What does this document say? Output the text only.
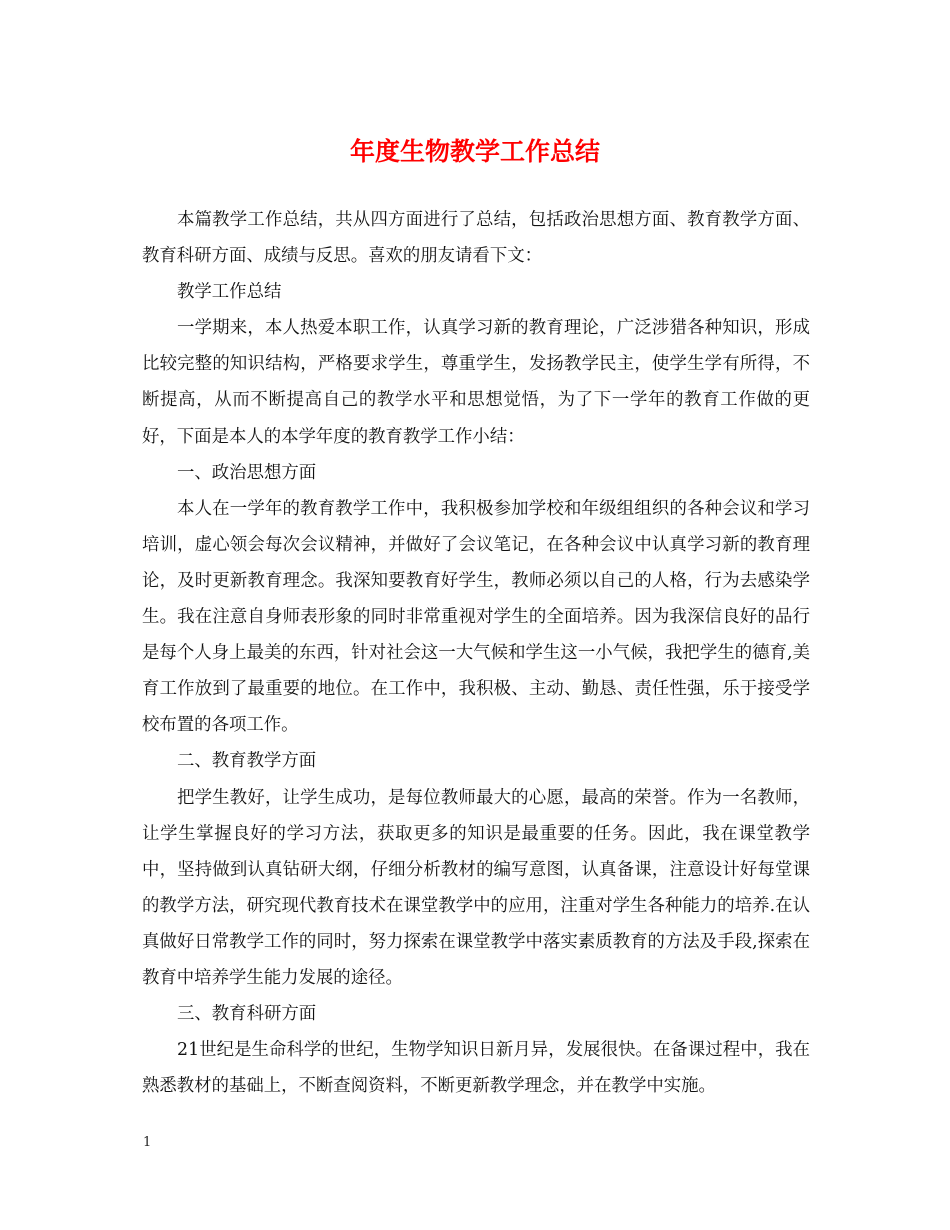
年度生物教学工作总结

本篇教学工作总结，共从四方面进行了总结，包括政治思想方面、教育教学方面、教育科研方面、成绩与反思。喜欢的朋友请看下文：

教学工作总结

一学期来，本人热爱本职工作，认真学习新的教育理论，广泛涉猎各种知识，形成比较完整的知识结构，严格要求学生，尊重学生，发扬教学民主，使学生学有所得，不断提高，从而不断提高自己的教学水平和思想觉悟，为了下一学年的教育工作做的更好，下面是本人的本学年度的教育教学工作小结：

一、政治思想方面

本人在一学年的教育教学工作中，我积极参加学校和年级组组织的各种会议和学习培训，虚心领会每次会议精神，并做好了会议笔记，在各种会议中认真学习新的教育理论，及时更新教育理念。我深知要教育好学生，教师必须以自己的人格，行为去感染学生。我在注意自身师表形象的同时非常重视对学生的全面培养。因为我深信良好的品行是每个人身上最美的东西，针对社会这一大气候和学生这一小气候，我把学生的德育,美育工作放到了最重要的地位。在工作中，我积极、主动、勤恳、责任性强，乐于接受学校布置的各项工作。

二、教育教学方面

把学生教好，让学生成功，是每位教师最大的心愿，最高的荣誉。作为一名教师，让学生掌握良好的学习方法，获取更多的知识是最重要的任务。因此，我在课堂教学中，坚持做到认真钻研大纲，仔细分析教材的编写意图，认真备课，注意设计好每堂课的教学方法，研究现代教育技术在课堂教学中的应用，注重对学生各种能力的培养.在认真做好日常教学工作的同时，努力探索在课堂教学中落实素质教育的方法及手段,探索在教育中培养学生能力发展的途径。

三、教育科研方面

21世纪是生命科学的世纪，生物学知识日新月异，发展很快。在备课过程中，我在熟悉教材的基础上，不断查阅资料，不断更新教学理念，并在教学中实施。

1
